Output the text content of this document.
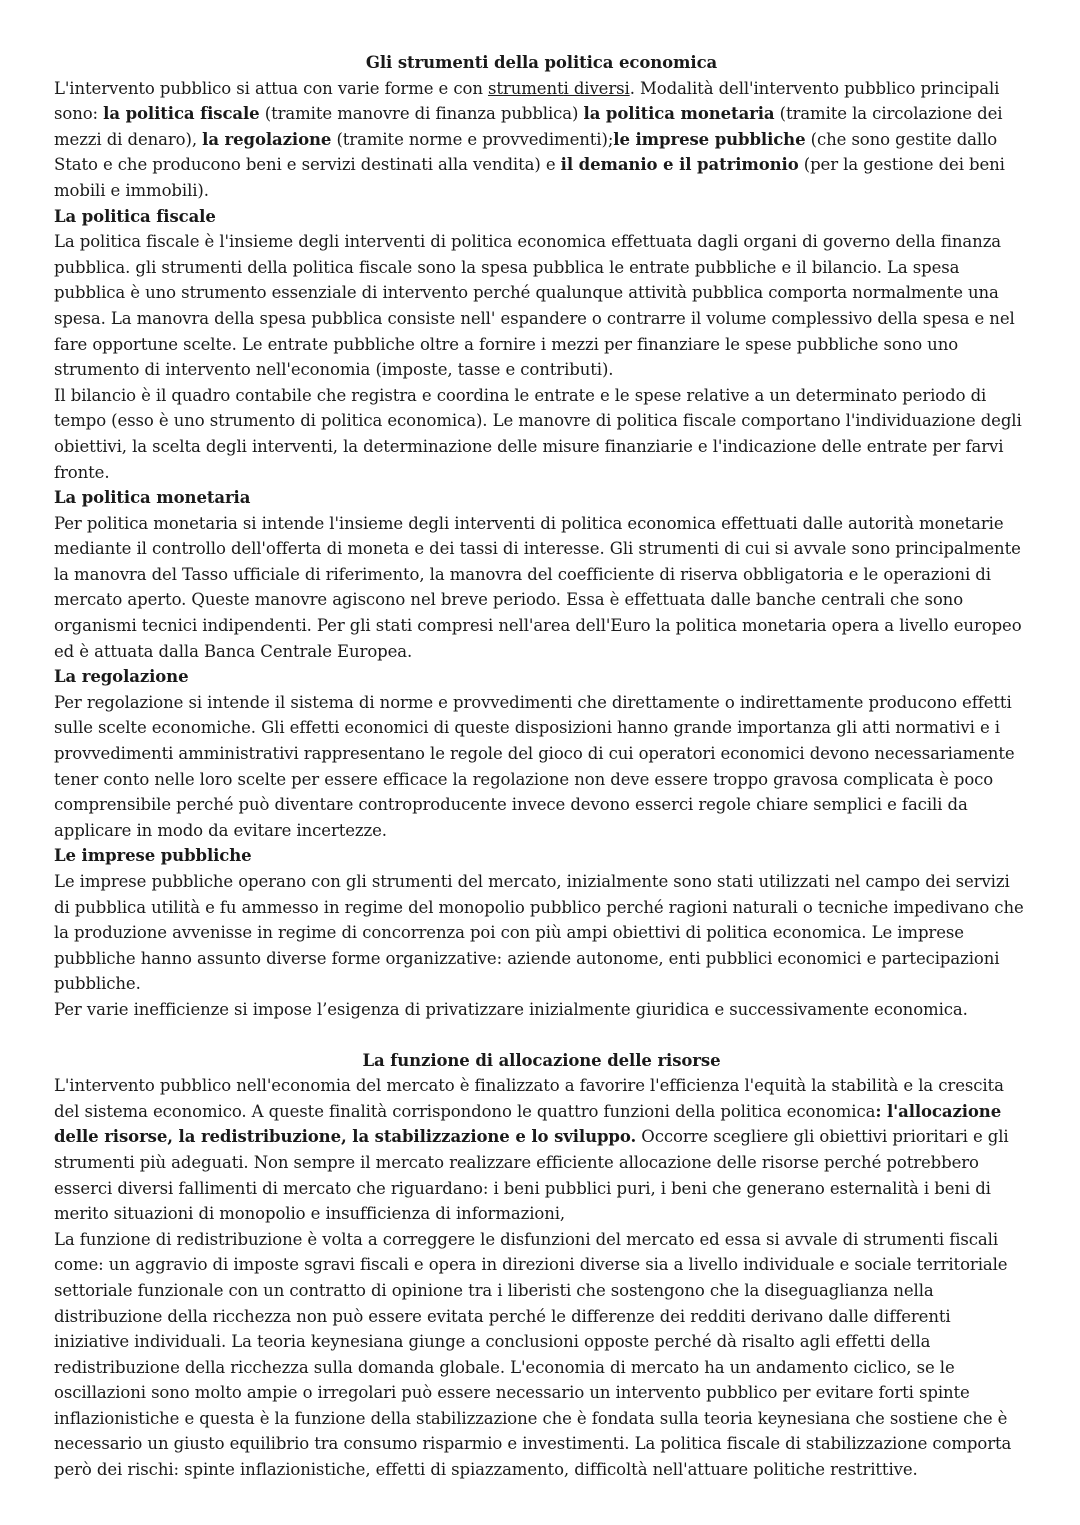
Gli strumenti della politica economica

L'intervento pubblico si attua con varie forme e con strumenti diversi. Modalità dell'intervento pubblico principali sono: la politica fiscale (tramite manovre di finanza pubblica) la politica monetaria (tramite la circolazione dei mezzi di denaro), la regolazione (tramite norme e provvedimenti);le imprese pubbliche (che sono gestite dallo Stato e che producono beni e servizi destinati alla vendita) e il demanio e il patrimonio (per la gestione dei beni mobili e immobili).

La politica fiscale

La politica fiscale è l'insieme degli interventi di politica economica effettuata dagli organi di governo della finanza pubblica. gli strumenti della politica fiscale sono la spesa pubblica le entrate pubbliche e il bilancio. La spesa pubblica è uno strumento essenziale di intervento perché qualunque attività pubblica comporta normalmente una spesa. La manovra della spesa pubblica consiste nell' espandere o contrarre il volume complessivo della spesa e nel fare opportune scelte. Le entrate pubbliche oltre a fornire i mezzi per finanziare le spese pubbliche sono uno strumento di intervento nell'economia (imposte, tasse e contributi).

Il bilancio è il quadro contabile che registra e coordina le entrate e le spese relative a un determinato periodo di tempo (esso è uno strumento di politica economica). Le manovre di politica fiscale comportano l'individuazione degli obiettivi, la scelta degli interventi, la determinazione delle misure finanziarie e l'indicazione delle entrate per farvi fronte.

La politica monetaria

Per politica monetaria si intende l'insieme degli interventi di politica economica effettuati dalle autorità monetarie mediante il controllo dell'offerta di moneta e dei tassi di interesse. Gli strumenti di cui si avvale sono principalmente la manovra del Tasso ufficiale di riferimento, la manovra del coefficiente di riserva obbligatoria e le operazioni di mercato aperto. Queste manovre agiscono nel breve periodo. Essa è effettuata dalle banche centrali che sono organismi tecnici indipendenti. Per gli stati compresi nell'area dell'Euro la politica monetaria opera a livello europeo ed è attuata dalla Banca Centrale Europea.

La regolazione

Per regolazione si intende il sistema di norme e provvedimenti che direttamente o indirettamente producono effetti sulle scelte economiche. Gli effetti economici di queste disposizioni hanno grande importanza gli atti normativi e i provvedimenti amministrativi rappresentano le regole del gioco di cui operatori economici devono necessariamente tener conto nelle loro scelte per essere efficace la regolazione non deve essere troppo gravosa complicata è poco comprensibile perché può diventare controproducente invece devono esserci regole chiare semplici e facili da applicare in modo da evitare incertezze.

Le imprese pubbliche

Le imprese pubbliche operano con gli strumenti del mercato, inizialmente sono stati utilizzati nel campo dei servizi di pubblica utilità e fu ammesso in regime del monopolio pubblico perché ragioni naturali o tecniche impedivano che la produzione avvenisse in regime di concorrenza poi con più ampi obiettivi di politica economica. Le imprese pubbliche hanno assunto diverse forme organizzative: aziende autonome, enti pubblici economici e partecipazioni pubbliche.

Per varie inefficienze si impose l’esigenza di privatizzare inizialmente giuridica e successivamente economica.

La funzione di allocazione delle risorse

L'intervento pubblico nell'economia del mercato è finalizzato a favorire l'efficienza l'equità la stabilità e la crescita del sistema economico. A queste finalità corrispondono le quattro funzioni della politica economica: l'allocazione delle risorse, la redistribuzione, la stabilizzazione e lo sviluppo. Occorre scegliere gli obiettivi prioritari e gli strumenti più adeguati. Non sempre il mercato realizzare efficiente allocazione delle risorse perché potrebbero esserci diversi fallimenti di mercato che riguardano: i beni pubblici puri, i beni che generano esternalità i beni di merito situazioni di monopolio e insufficienza di informazioni,

La funzione di redistribuzione è volta a correggere le disfunzioni del mercato ed essa si avvale di strumenti fiscali come: un aggravio di imposte sgravi fiscali e opera in direzioni diverse sia a livello individuale e sociale territoriale settoriale funzionale con un contratto di opinione tra i liberisti che sostengono che la diseguaglianza nella distribuzione della ricchezza non può essere evitata perché le differenze dei redditi derivano dalle differenti iniziative individuali. La teoria keynesiana giunge a conclusioni opposte perché dà risalto agli effetti della redistribuzione della ricchezza sulla domanda globale. L'economia di mercato ha un andamento ciclico, se le oscillazioni sono molto ampie o irregolari può essere necessario un intervento pubblico per evitare forti spinte inflazionistiche e questa è la funzione della stabilizzazione che è fondata sulla teoria keynesiana che sostiene che è necessario un giusto equilibrio tra consumo risparmio e investimenti. La politica fiscale di stabilizzazione comporta però dei rischi: spinte inflazionistiche, effetti di spiazzamento, difficoltà nell'attuare politiche restrittive.
